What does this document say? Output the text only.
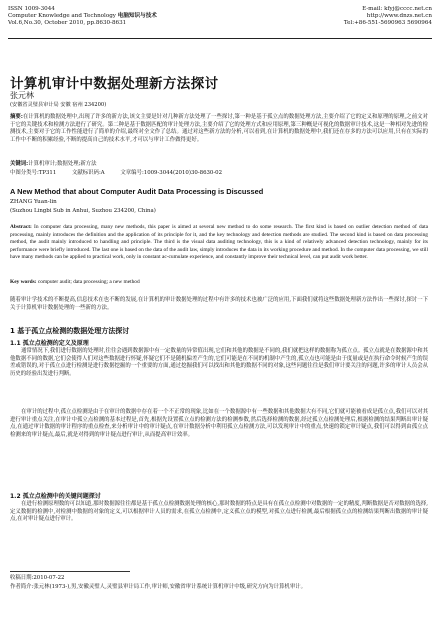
ISSN 1009-3044
Computer Knowledge and Technology 电脑知识与技术
Vol.6,No.30, October 2010, pp.8630-8631
E-mail: kfyj@cccc.net.cn
http://www.dnzs.net.cn
Tel:+86-551-5690963 5690964
计算机审计中数据处理新方法探讨
张元林
(安徽省灵璧县审计局 安徽 宿州 234200)
摘要:在计算机的数据处理中,出现了许多的新方法,该文主要是针对几种新方法处理了一些探讨,第一种是基于孤立点的数据处理方法,主要介绍了它的定义和原理的原理,之前文对于它的关键技术和检测方法进行了研究。第二种是基于数据匹配的审计处理方法,主要介绍了它的处理方式和应用原理,第三种概是可视化的数据审计技术,这是一种相对先进的检测技术,主要对于它的工作性能进行了简单的介绍,最终对全文作了总结。通过对这些新方法的分析,可以看到,在计算机的数据处理中,我们还在存多的方法可以应用,只有在实际的工作中不断的积累经验,不断的提高自己的技术水平,才可以与审计工作做得更好。
关键词:计算机审计;数据处理;新方法
中图分类号:TP311	文献标识码:A	文章编号:1009-3044(2010)30-8630-02
A New Method that about Computer Audit Data Processing is Discussed
ZHANG Yuan-lin
(Suzhou Lingbi Sub in Anhui, Suzhou 234200, China)
Abstract: In computer data processing, many new methods, this paper is aimed at several new method to do some research. The first kind is based on outlier detection method of data processing, mainly introduces the definition and the application of its principle for it, and the key technology and detection methods are studied. The second kind is based on data processing method, the audit mainly introduced to handling and principle. The third is the visual data auditing technology, this is a kind of relatively advanced detection technology, mainly for its performance were briefly introduced. The last one is based on the data of the audit law, simply introduces the data in its working procedure and method. In the computer data processing, we still have many methods can be applied to practical work, only in constant ac-cumulate experience, and constantly improve their technical level, can put audit work better.
Key words: computer audit; data processing; a new method
随着审计学技术的不断提高,信息技术在也不断的发展,在计算机的审计数据处理的过程中有许多的技术也被广泛的应用,下面我们就将这些数据处理新方法作出一些探讨,探讨一下关于计算机审计数据处理的一些新的方法。
1 基于孤立点检测的数据处理方法探讨
1.1 孤立点检测的定义及原理
通常情况下,我们进行数据的处理时,往往会遇到数据源中有一定数量的异常值出现,它们和其他的数据是不同的,我们就把这样的数据称为孤立点。孤立点就是在数据源中和其他数据不同的数据,它们会使得人们对这些数据进行怀疑,怀疑它们不是随机偏差产生的,它们可能是在不同的机制中产生的,孤立点也可能是由于度量或是在执行命令时候产生的误差或错误的,对于孤立点进行检测是进行数据挖掘的一个重要的方面,通过挖掘我们可以找出和其他的数据不同的对象,这些问题往往是我们审计要关注的问题,许多的审计人员会从历史的经验出发进行判断。
在审计的过程中,孤立点检测是由于在审计的数据中存在着一个不正常的现象,比如在一个数据源中有一些数据和其他数据大有不同,它们就可能被看成是孤立点,我们可以对其进行审计重点关注,在审计中孤立点检测的基本过程是,首先,根据先设置孤立点的检测方法的检测参数,然后选择检测的数据,经过孤立点检测处理后,根据检测的结果判断出审计疑点,在通过审计数据的审计程序的重点检查,来分析审计中的审计疑点,在审计数据分析中利用孤立点检测方法,可以发现审计中的重点,快速的锁定审计疑点,我们可以得到由孤立点检测来的审计疑点,最后,就是对得到的审计疑点进行审计,从而提高审计效率。
1.2 孤立点检测中的关键问题探讨
在进行检测原理数的可以知道,那时数据源往往都是基于孤立点检测数据处理的核心,那时数据的特点是具有在孤立点检测中对数据的一定的精度,判断数据是否对数据的选择,定义数据的检测中,对检测中数据的对象的定义,可以根据审计人员的需求,在孤立点检测中,定义孤立点的模型,对孤立点进行检测,最后根据孤立点的检测结果判断出数据的审计疑点,在对审计疑点进行审计。
收稿日期:2010-07-22
作者简介:张元林(1973-),男,安徽灵璧人,灵璧县审计局工作,审计师,安徽省审计系统计算机审计中级,研究方向为计算机审计。
